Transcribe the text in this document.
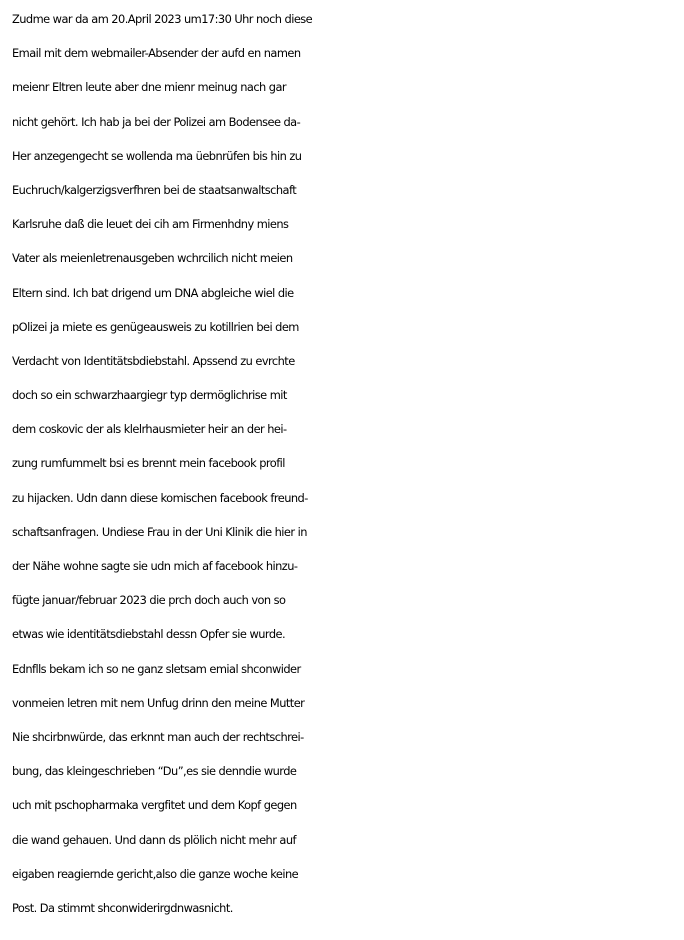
Zudme war da am 20.April 2023 um17:30 Uhr noch diese
Email mit dem webmailer-Absender der aufd en namen
meienr Eltren leute aber dne mienr meinug nach gar
nicht gehört. Ich hab ja bei der Polizei am Bodensee da-
Her anzegengecht se wollenda ma üebnrüfen bis hin zu
Euchruch/kalgerzigsverfhren bei de staatsanwaltschaft
Karlsruhe daß die leuet dei cih am Firmenhdny miens
Vater als meienletrenausgeben wchrcilich nicht meien
Eltern sind. Ich bat drigend um DNA abgleiche wiel die
pOlizei ja miete es genügeausweis zu kotillrien bei dem
Verdacht von Identitätsbdiebstahl. Apssend zu evrchte
doch so ein schwarzhaargiegr typ dermöglichrise mit
dem coskovic der als klelrhausmieter heir an der hei-
zung rumfummelt bsi es brennt mein facebook profil
zu hijacken. Udn dann diese komischen facebook freund-
schaftsanfragen. Undiese Frau in der Uni Klinik die hier in
der Nähe wohne sagte sie udn mich af facebook hinzu-
fügte januar/februar 2023 die prch doch auch von so
etwas wie identitätsdiebstahl dessn Opfer sie wurde.
Ednflls bekam ich so ne ganz sletsam emial shconwider
vonmeien letren mit nem Unfug drinn den meine Mutter
Nie shcirbnwürde, das erknnt man auch der rechtschrei-
bung, das kleingeschrieben “Du”,es sie denndie wurde
uch mit pschopharmaka vergfitet und dem Kopf gegen
die wand gehauen. Und dann ds plölich nicht mehr auf
eigaben reagiernde gericht,also die ganze woche keine
Post. Da stimmt shconwiderirgdnwasnicht.
